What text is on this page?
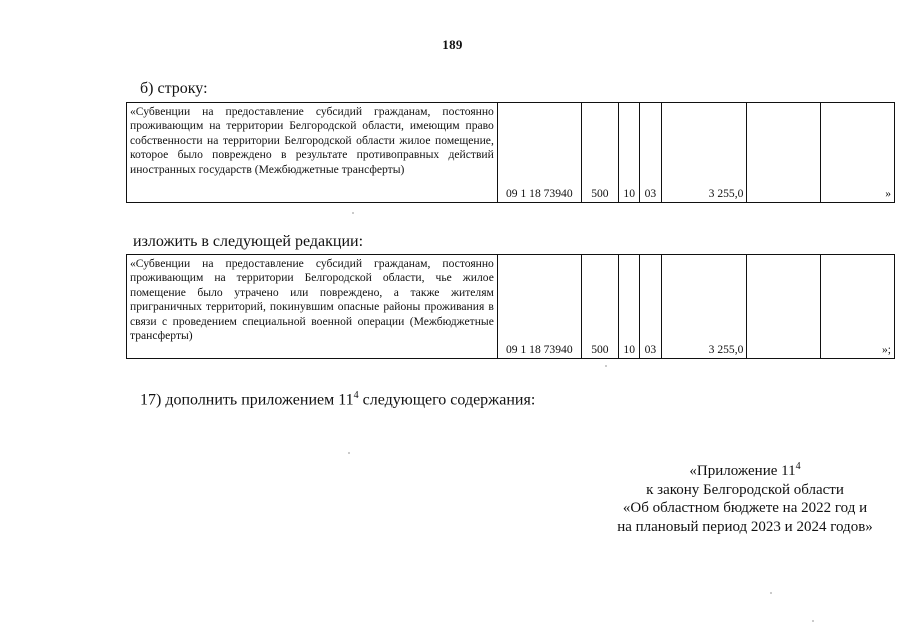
189
б) строку:
«Субвенции на предоставление субсидий гражданам, постоянно проживающим на территории Белгородской области, имеющим право собственности на территории Белгородской области жилое помещение, которое было повреждено в результате противоправных действий иностранных государств (Межбюджетные трансферты)	09 1 18 73940	500	10	03	3 255,0		»
изложить в следующей редакции:
«Субвенции на предоставление субсидий гражданам, постоянно проживающим на территории Белгородской области, чье жилое помещение было утрачено или повреждено, а также жителям приграничных территорий, покинувшим опасные районы проживания в связи с проведением специальной военной операции (Межбюджетные трансферты)	09 1 18 73940	500	10	03	3 255,0		»;
17) дополнить приложением $11^4$ следующего содержания:
«Приложение $11^4$
к закону Белгородской области
«Об областном бюджете на 2022 год и
на плановый период 2023 и 2024 годов»
